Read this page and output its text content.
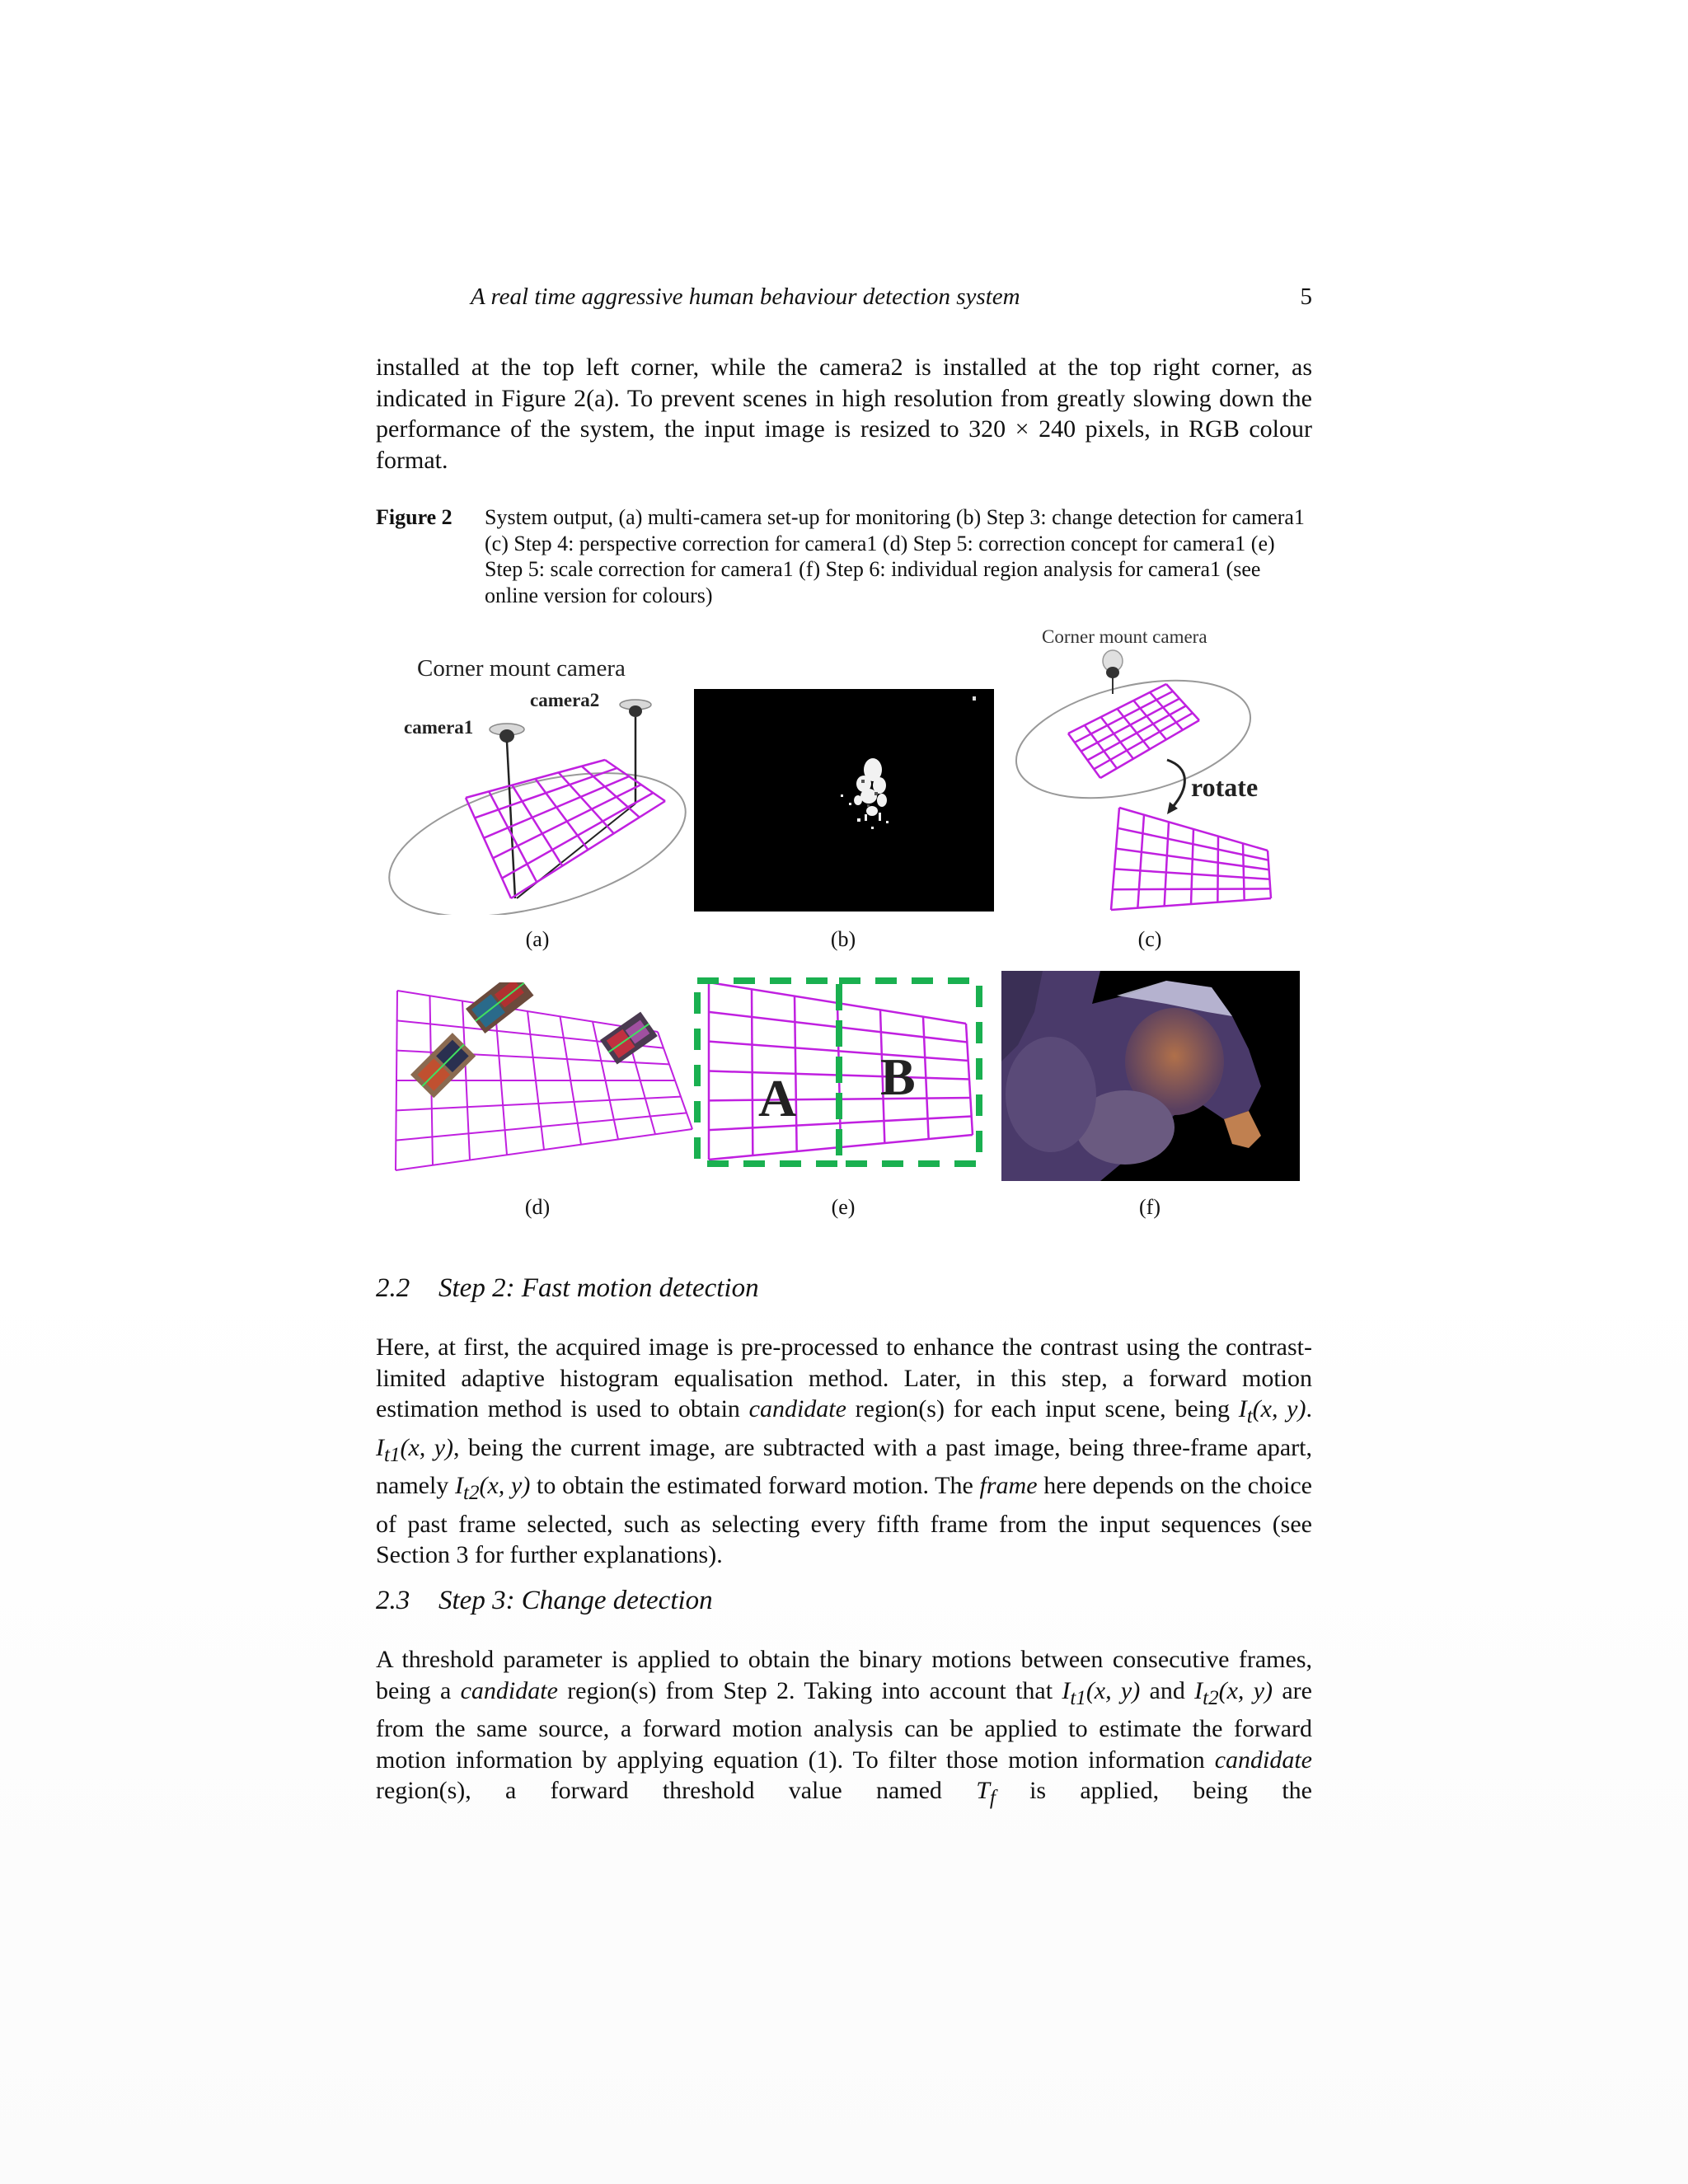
A real time aggressive human behaviour detection system	5

installed at the top left corner, while the camera2 is installed at the top right corner, as indicated in Figure 2(a). To prevent scenes in high resolution from greatly slowing down the performance of the system, the input image is resized to 320 × 240 pixels, in RGB colour format.

Figure 2 System output, (a) multi-camera set-up for monitoring (b) Step 3: change detection for camera1 (c) Step 4: perspective correction for camera1 (d) Step 5: correction concept for camera1 (e) Step 5: scale correction for camera1 (f) Step 6: individual region analysis for camera1 (see online version for colours)
Corner mount camera
camera2
camera1
(a)	(b)
Corner mount camera
rotate
(c)
(d)
A B
(e)	(f)
2.2 Step 2: Fast motion detection

Here, at first, the acquired image is pre-processed to enhance the contrast using the contrast-limited adaptive histogram equalisation method. Later, in this step, a forward motion estimation method is used to obtain candidate region(s) for each input scene, being $I_t(x$, y). $I_{t1}(x$, y), being the current image, are subtracted with a past image, being three-frame apart, namely $I_{t2}(x$, y) to obtain the estimated forward motion. The frame here depends on the choice of past frame selected, such as selecting every fifth frame from the input sequences (see Section 3 for further explanations).

2.3 Step 3: Change detection

A threshold parameter is applied to obtain the binary motions between consecutive frames, being a candidate region(s) from Step 2. Taking into account that $I_{t1}(x$, y) and $I_{t2}(x$, y) are from the same source, a forward motion analysis can be applied to estimate the forward motion information by applying equation (1). To filter those motion information candidate region(s), a forward threshold value named $T_f$ is applied, being the
